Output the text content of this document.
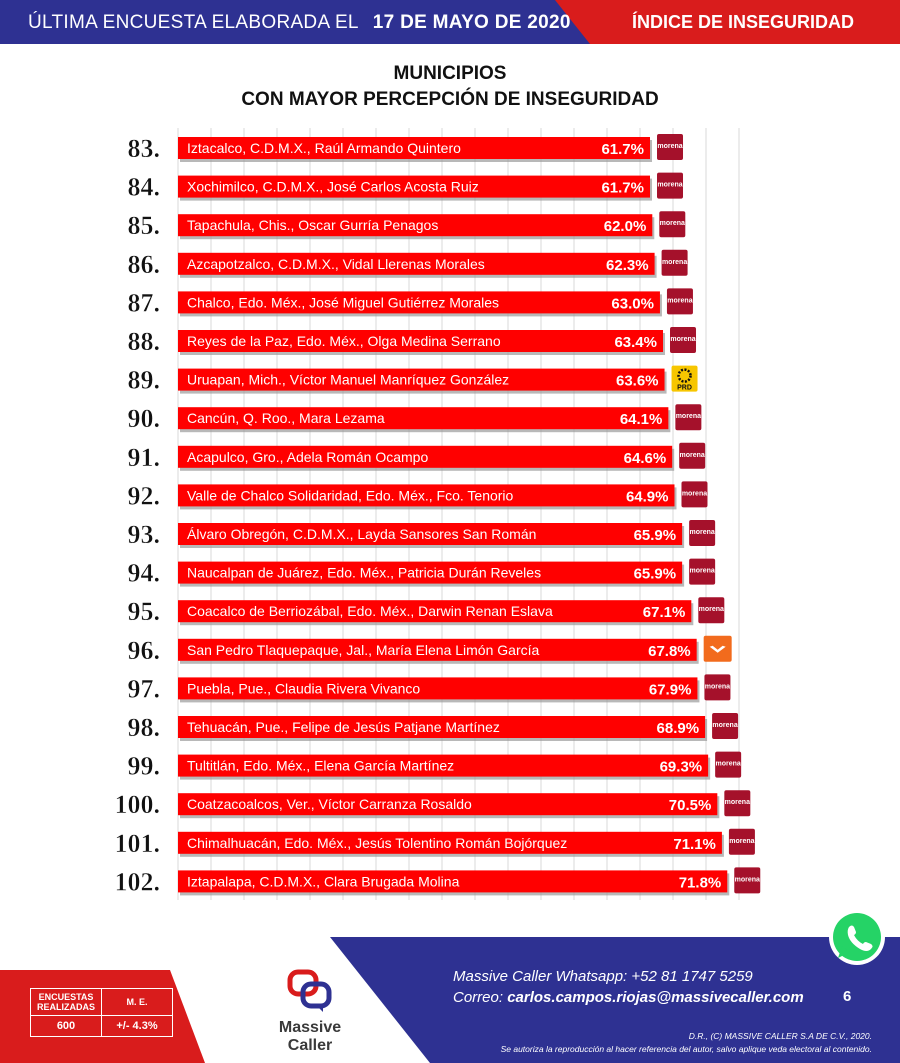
ÚLTIMA ENCUESTA ELABORADA EL 17 DE MAYO DE 2020	ÍNDICE DE INSEGURIDAD
MUNICIPIOS
CON MAYOR PERCEPCIÓN DE INSEGURIDAD
83. Iztacalco, C.D.M.X., Raúl Armando Quintero	61.7% morena
84. Xochimilco, C.D.M.X., José Carlos Acosta Ruiz	61.7% morena
85. Tapachula, Chis., Oscar Gurría Penagos	62.0% morena
86. Azcapotzalco, C.D.M.X., Vidal Llerenas Morales	62.3% morena
87. Chalco, Edo. Méx., José Miguel Gutiérrez Morales	63.0% morena
88. Reyes de la Paz, Edo. Méx., Olga Medina Serrano	63.4% morena
89. Uruapan, Mich., Víctor Manuel Manríquez González	63.6%	PRD
90. Cancún, Q. Roo., Mara Lezama	64.1% morena
91. Acapulco, Gro., Adela Román Ocampo	64.6% morena
92. Valle de Chalco Solidaridad, Edo. Méx., Fco. Tenorio	64.9% morena
93. Álvaro Obregón, C.D.M.X., Layda Sansores San Román	65.9% morena
94. Naucalpan de Juárez, Edo. Méx., Patricia Durán Reveles	65.9% morena
95. Coacalco de Berriozábal, Edo. Méx., Darwin Renan Eslava	67.1% morena
96. San Pedro Tlaquepaque, Jal., María Elena Limón García	67.8%
97. Puebla, Pue., Claudia Rivera Vivanco	67.9% morena
98. Tehuacán, Pue., Felipe de Jesús Patjane Martínez	68.9% morena
99. Tultitlán, Edo. Méx., Elena García Martínez	69.3% morena
100. Coatzacoalcos, Ver., Víctor Carranza Rosaldo	70.5% morena
101. Chimalhuacán, Edo. Méx., Jesús Tolentino Román Bojórquez	71.1% morena
102. Iztapalapa, C.D.M.X., Clara Brugada Molina	71.8% morena
ENCUESTAS REALIZADAS	M. E.
600	+/- 4.3%	Massive
Caller
Massive Caller Whatsapp: +52 81 1747 5259
Correo: carlos.campos.riojas@massivecaller.com	6
D.R., (C) MASSIVE CALLER S.A DE C.V., 2020.
Se autoriza la reproducción al hacer referencia del autor, salvo aplique veda electoral al contenido.
